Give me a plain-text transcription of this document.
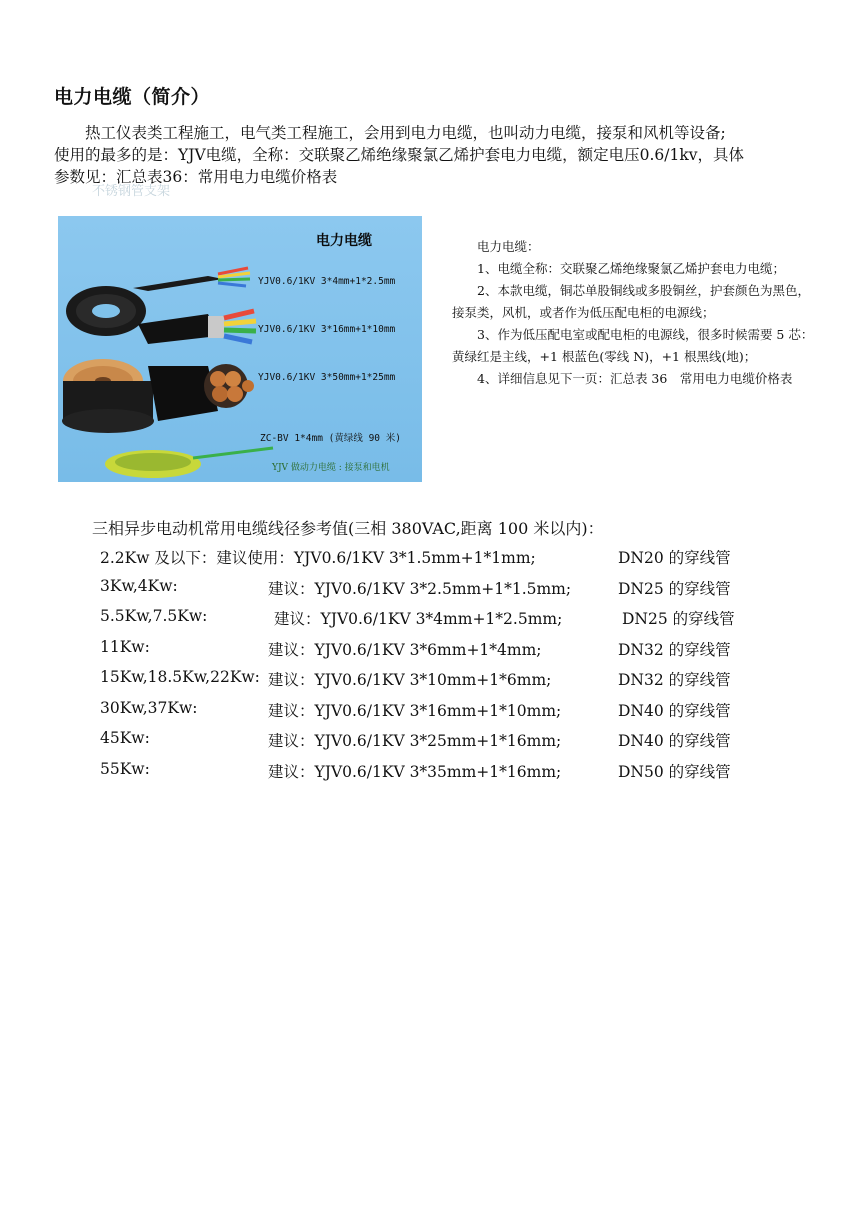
电力电缆（简介）

热工仪表类工程施工，电气类工程施工，会用到电力电缆，也叫动力电缆，接泵和风机等设备;

使用的最多的是：YJV电缆，全称：交联聚乙烯绝缘聚氯乙烯护套电力电缆，额定电压0.6/1kv，具体

参数见：汇总表36：常用电力电缆价格表

不锈钢管支架
电力电缆
YJV0.6/1KV 3*4mm+1*2.5mm
YJV0.6/1KV 3*16mm+1*10mm
YJV0.6/1KV 3*50mm+1*25mm
ZC-BV 1*4mm (黄绿线 90 米)
YJV 做动力电缆 : 接泵和电机

电力电缆：

1、电缆全称：交联聚乙烯绝缘聚氯乙烯护套电力电缆；

2、本款电缆，铜芯单股铜线或多股铜丝，护套颜色为黑色，接泵类，风机，或者作为低压配电柜的电源线；

3、作为低压配电室或配电柜的电源线，很多时候需要 5 芯：黄绿红是主线，+1 根蓝色(零线 N)，+1 根黑线(地)；

4、详细信息见下一页：汇总表 36　常用电力电缆价格表

三相异步电动机常用电缆线径参考值(三相 380VAC,距离 100 米以内)：
2.2Kw 及以下：建议使用：YJV0.6/1KV 3*1.5mm+1*1mm;	DN20 的穿线管
3Kw,4Kw:	建议：YJV0.6/1KV 3*2.5mm+1*1.5mm;	DN25 的穿线管
5.5Kw,7.5Kw:	建议：YJV0.6/1KV 3*4mm+1*2.5mm;	DN25 的穿线管
11Kw:	建议：YJV0.6/1KV 3*6mm+1*4mm;	DN32 的穿线管
15Kw,18.5Kw,22Kw: 建议：YJV0.6/1KV 3*10mm+1*6mm;	DN32 的穿线管
30Kw,37Kw:	建议：YJV0.6/1KV 3*16mm+1*10mm;	DN40 的穿线管
45Kw:	建议：YJV0.6/1KV 3*25mm+1*16mm;	DN40 的穿线管
55Kw:	建议：YJV0.6/1KV 3*35mm+1*16mm;	DN50 的穿线管
